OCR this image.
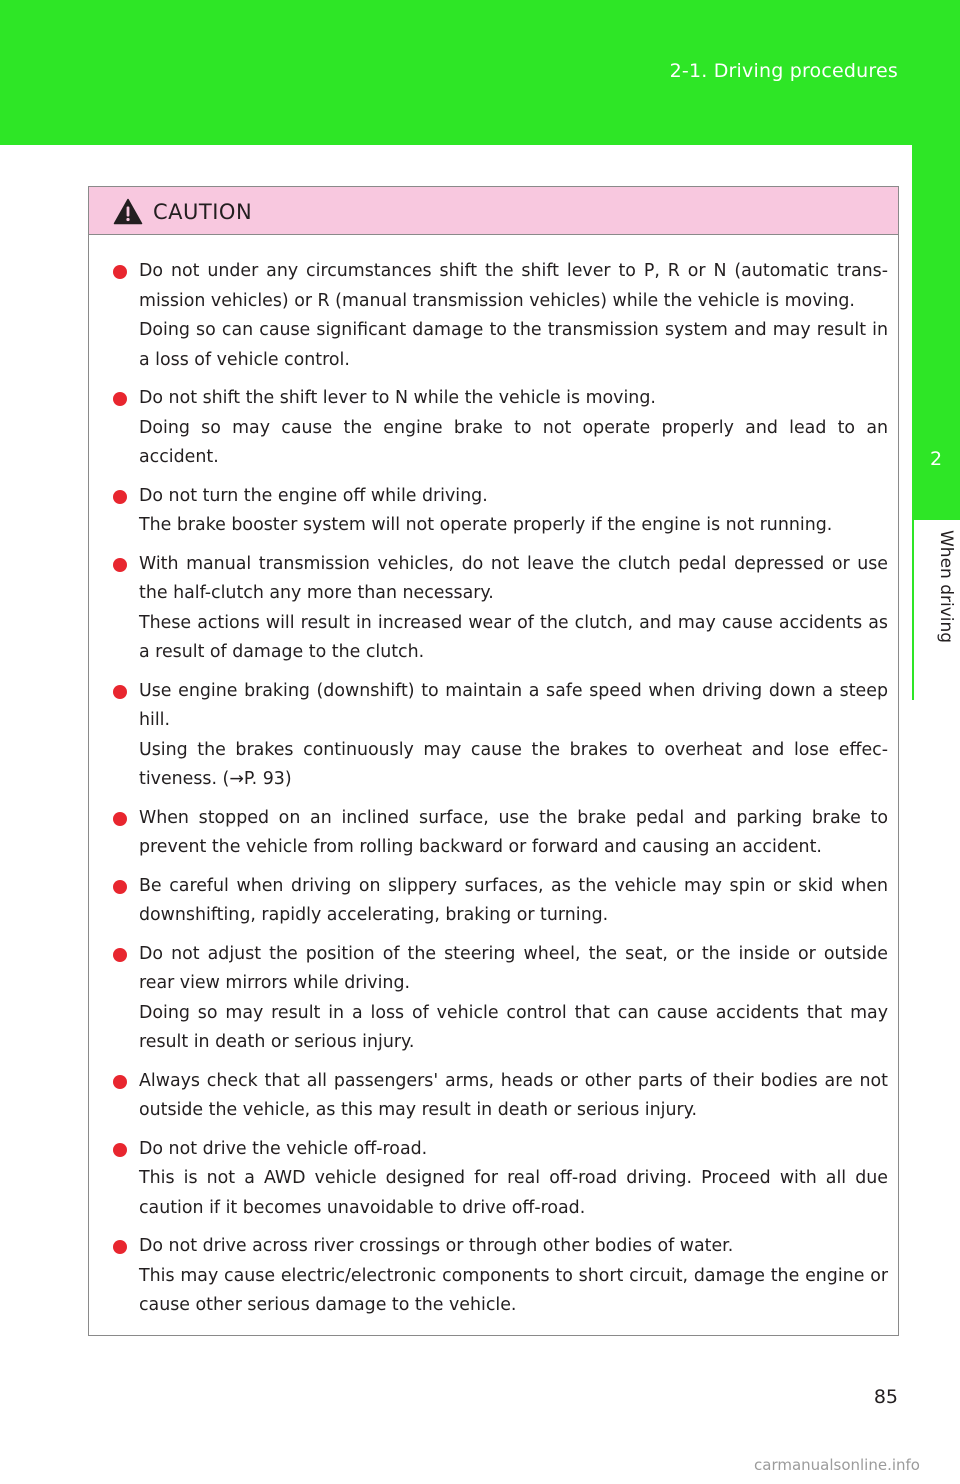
2-1. Driving procedures
2
When driving
CAUTION
Do not under any circumstances shift the shift lever to P, R or N (automatic trans-mission vehicles) or R (manual transmission vehicles) while the vehicle is moving.
Doing so can cause significant damage to the transmission system and may result in a loss of vehicle control.
Do not shift the shift lever to N while the vehicle is moving.
Doing so may cause the engine brake to not operate properly and lead to an accident.
Do not turn the engine off while driving.
The brake booster system will not operate properly if the engine is not running.
With manual transmission vehicles, do not leave the clutch pedal depressed or use the half-clutch any more than necessary.
These actions will result in increased wear of the clutch, and may cause accidents as a result of damage to the clutch.
Use engine braking (downshift) to maintain a safe speed when driving down a steep hill.
Using the brakes continuously may cause the brakes to overheat and lose effec-tiveness. (→P. 93)
When stopped on an inclined surface, use the brake pedal and parking brake to prevent the vehicle from rolling backward or forward and causing an accident.
Be careful when driving on slippery surfaces, as the vehicle may spin or skid when downshifting, rapidly accelerating, braking or turning.
Do not adjust the position of the steering wheel, the seat, or the inside or outside rear view mirrors while driving.
Doing so may result in a loss of vehicle control that can cause accidents that may result in death or serious injury.
Always check that all passengers' arms, heads or other parts of their bodies are not outside the vehicle, as this may result in death or serious injury.
Do not drive the vehicle off-road.
This is not a AWD vehicle designed for real off-road driving. Proceed with all due caution if it becomes unavoidable to drive off-road.
Do not drive across river crossings or through other bodies of water.
This may cause electric/electronic components to short circuit, damage the engine or cause other serious damage to the vehicle.
85
carmanualsonline.info
